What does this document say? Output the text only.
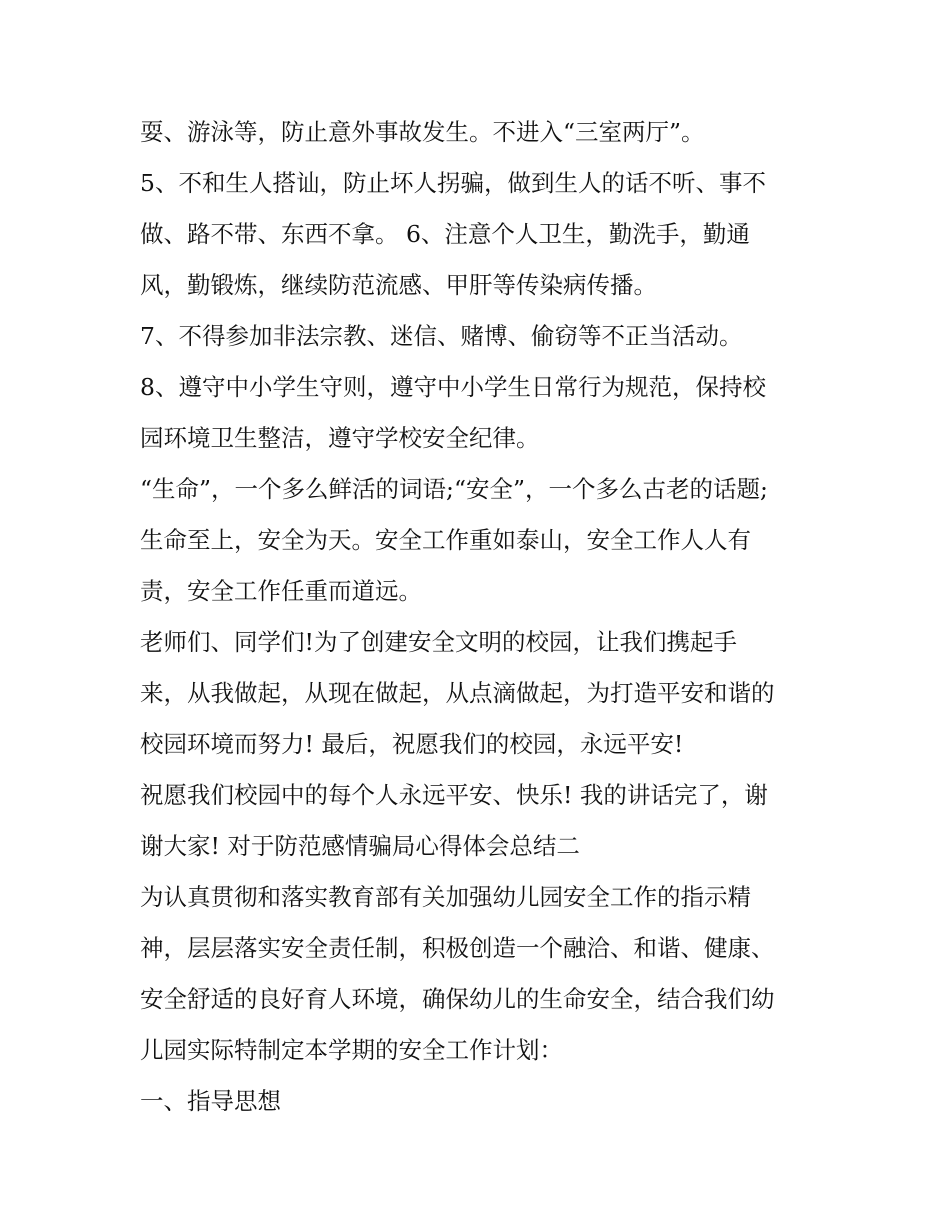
耍、游泳等，防止意外事故发生。不进入“三室两厅”。
5、不和生人搭讪，防止坏人拐骗，做到生人的话不听、事不
做、路不带、东西不拿。 6、注意个人卫生，勤洗手，勤通
风，勤锻炼，继续防范流感、甲肝等传染病传播。
7、不得参加非法宗教、迷信、赌博、偷窃等不正当活动。
8、遵守中小学生守则，遵守中小学生日常行为规范，保持校
园环境卫生整洁，遵守学校安全纪律。
“生命”，一个多么鲜活的词语;“安全”，一个多么古老的话题;
生命至上，安全为天。安全工作重如泰山，安全工作人人有
责，安全工作任重而道远。
老师们、同学们!为了创建安全文明的校园，让我们携起手
来，从我做起，从现在做起，从点滴做起，为打造平安和谐的
校园环境而努力! 最后，祝愿我们的校园，永远平安!
祝愿我们校园中的每个人永远平安、快乐! 我的讲话完了，谢
谢大家! 对于防范感情骗局心得体会总结二
为认真贯彻和落实教育部有关加强幼儿园安全工作的指示精
神，层层落实安全责任制，积极创造一个融洽、和谐、健康、
安全舒适的良好育人环境，确保幼儿的生命安全，结合我们幼
儿园实际特制定本学期的安全工作计划：
一、指导思想
